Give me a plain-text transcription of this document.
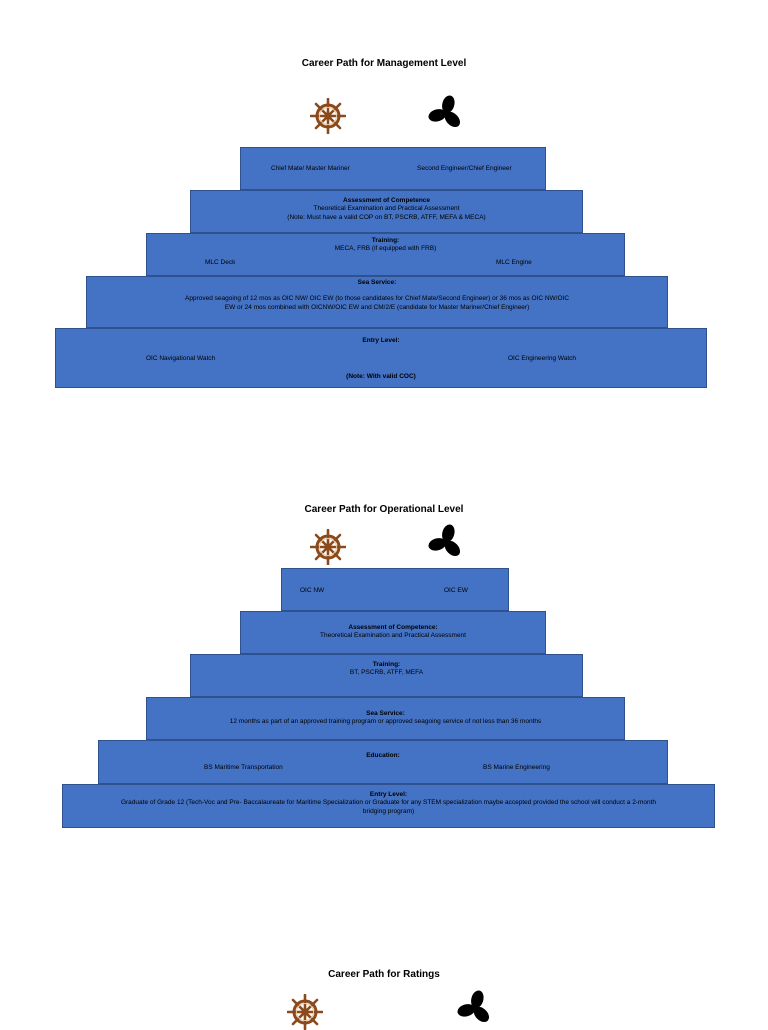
Career Path for Management Level
Chief Mate/ Master Mariner	Second Engineer/Chief Engineer
Assessment of Competence
Theoretical Examination and Practical Assessment
(Note: Must have a valid COP on BT, PSCRB, ATFF, MEFA & MECA)
Training:
MECA, FRB (if equipped with FRB)
MLC Deck	MLC Engine
Sea Service:
Approved seagoing of 12 mos as OIC NW/ OIC EW (to those candidates for Chief Mate/Second Engineer) or 36 mos as OIC NW/OIC
EW or 24 mos combined with OICNW/OIC EW and CM/2/E (candidate for Master Mariner/Chief Engineer)
Entry Level:
OIC Navigational Watch	OIC Engineering Watch
(Note: With valid COC)
Career Path for Operational Level
OIC NW	OIC EW
Assessment of Competence:
Theoretical Examination and Practical Assessment
Training:
BT, PSCRB, ATFF, MEFA
Sea Service:
12 months as part of an approved training program or approved seagoing service of not less than 36 months
Education:
BS Maritime Transportation	BS Marine Engineering
Entry Level:
Graduate of Grade 12 (Tech-Voc and Pre- Baccalaureate for Maritime Specialization or Graduate for any STEM specialization maybe accepted provided the school will conduct a 2-month
bridging program)
Career Path for Ratings
